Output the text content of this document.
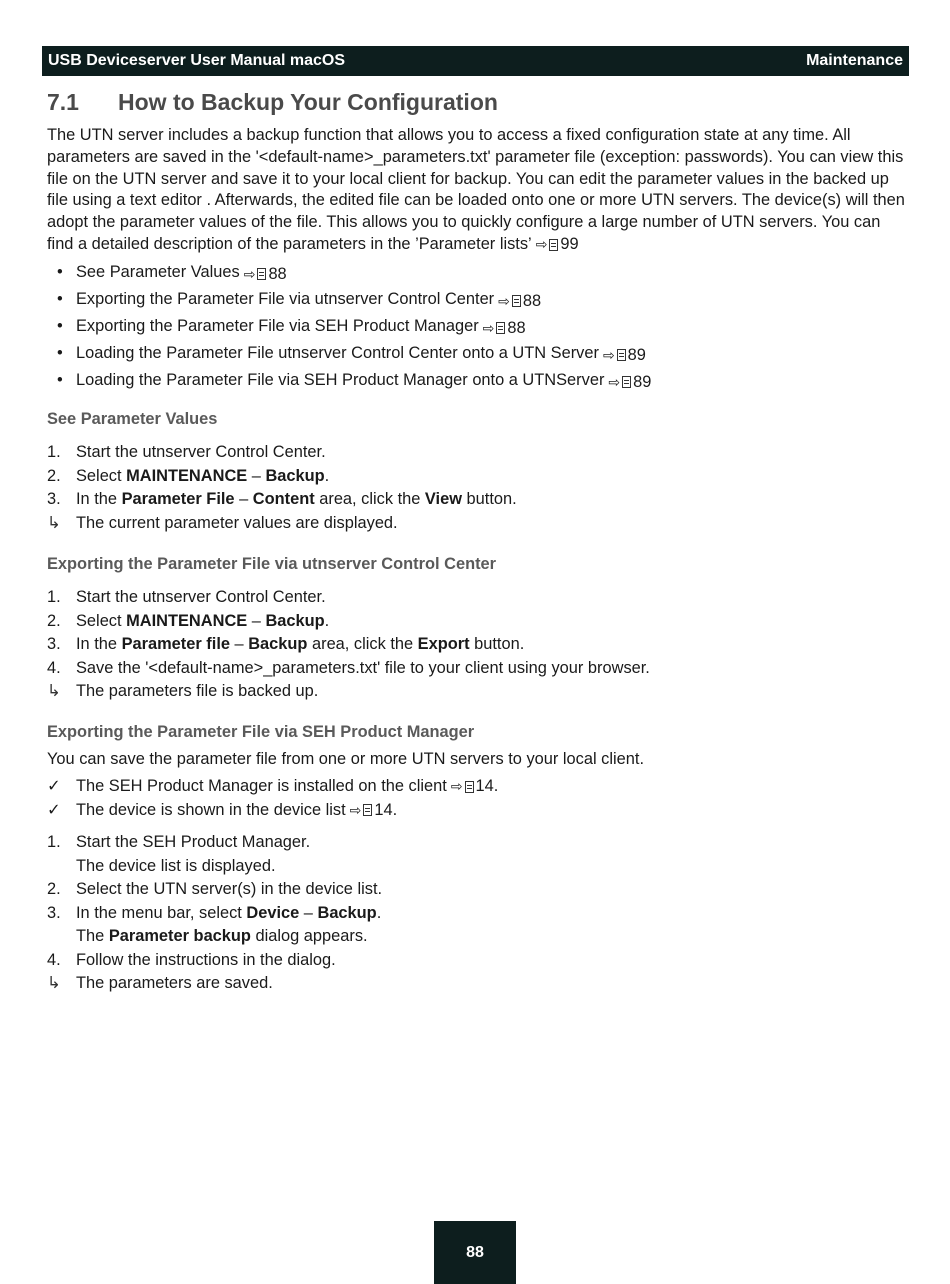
USB Deviceserver User Manual macOS	Maintenance
7.1	How to Backup Your Configuration
The UTN server includes a backup function that allows you to access a fixed configuration state at any time. All parameters are saved in the '<default-name>_parameters.txt' parameter file (exception: passwords). You can view this file on the UTN server and save it to your local client for backup. You can edit the parameter values in the backed up file using a text editor . Afterwards, the edited file can be loaded onto one or more UTN servers. The device(s) will then adopt the parameter values of the file. This allows you to quickly configure a large number of UTN servers. You can find a detailed description of the parameters in the ’Parameter lists’ ⇨ 99
• See Parameter Values ⇨ 88
• Exporting the Parameter File via utnserver Control Center ⇨ 88
• Exporting the Parameter File via SEH Product Manager ⇨ 88
• Loading the Parameter File utnserver Control Center onto a UTN Server ⇨ 89
• Loading the Parameter File via SEH Product Manager onto a UTNServer ⇨ 89
See Parameter Values
1. Start the utnserver Control Center.
2. Select MAINTENANCE – Backup.
3. In the Parameter File – Content area, click the View button.
↳ The current parameter values are displayed.
Exporting the Parameter File via utnserver Control Center
1. Start the utnserver Control Center.
2. Select MAINTENANCE – Backup.
3. In the Parameter file – Backup area, click the Export button.
4. Save the '<default-name>_parameters.txt' file to your client using your browser.
↳ The parameters file is backed up.
Exporting the Parameter File via SEH Product Manager
You can save the parameter file from one or more UTN servers to your local client.
✓ The SEH Product Manager is installed on the client ⇨ 14.
✓ The device is shown in the device list ⇨ 14.
1. Start the SEH Product Manager.
The device list is displayed.
2. Select the UTN server(s) in the device list.
3. In the menu bar, select Device – Backup.
The Parameter backup dialog appears.
4. Follow the instructions in the dialog.
↳ The parameters are saved.
88
